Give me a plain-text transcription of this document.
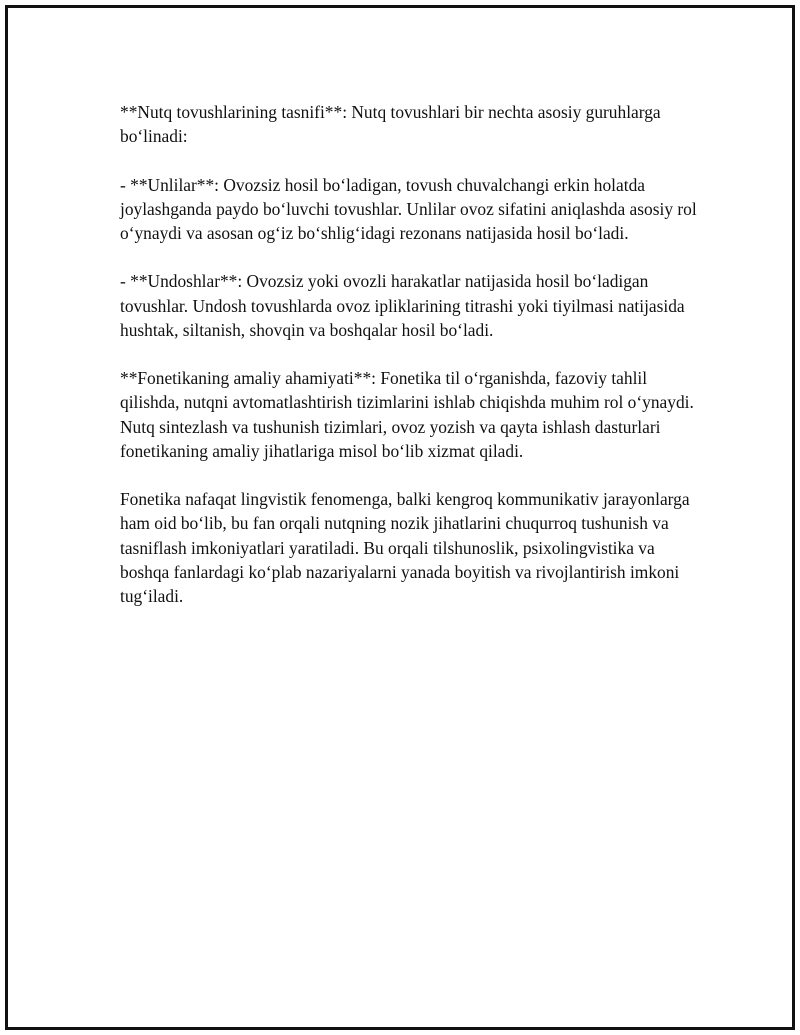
**Nutq tovushlarining tasnifi**: Nutq tovushlari bir nechta asosiy guruhlarga bo‘linadi:

- **Unlilar**: Ovozsiz hosil bo‘ladigan, tovush chuvalchangi erkin holatda joylashganda paydo bo‘luvchi tovushlar. Unlilar ovoz sifatini aniqlashda asosiy rol o‘ynaydi va asosan og‘iz bo‘shlig‘idagi rezonans natijasida hosil bo‘ladi.

- **Undoshlar**: Ovozsiz yoki ovozli harakatlar natijasida hosil bo‘ladigan tovushlar. Undosh tovushlarda ovoz ipliklarining titrashi yoki tiyilmasi natijasida hushtak, siltanish, shovqin va boshqalar hosil bo‘ladi.

**Fonetikaning amaliy ahamiyati**: Fonetika til o‘rganishda, fazoviy tahlil qilishda, nutqni avtomatlashtirish tizimlarini ishlab chiqishda muhim rol o‘ynaydi. Nutq sintezlash va tushunish tizimlari, ovoz yozish va qayta ishlash dasturlari fonetikaning amaliy jihatlariga misol bo‘lib xizmat qiladi.

Fonetika nafaqat lingvistik fenomenga, balki kengroq kommunikativ jarayonlarga ham oid bo‘lib, bu fan orqali nutqning nozik jihatlarini chuqurroq tushunish va tasniflash imkoniyatlari yaratiladi. Bu orqali tilshunoslik, psixolingvistika va boshqa fanlardagi ko‘plab nazariyalarni yanada boyitish va rivojlantirish imkoni tug‘iladi.
